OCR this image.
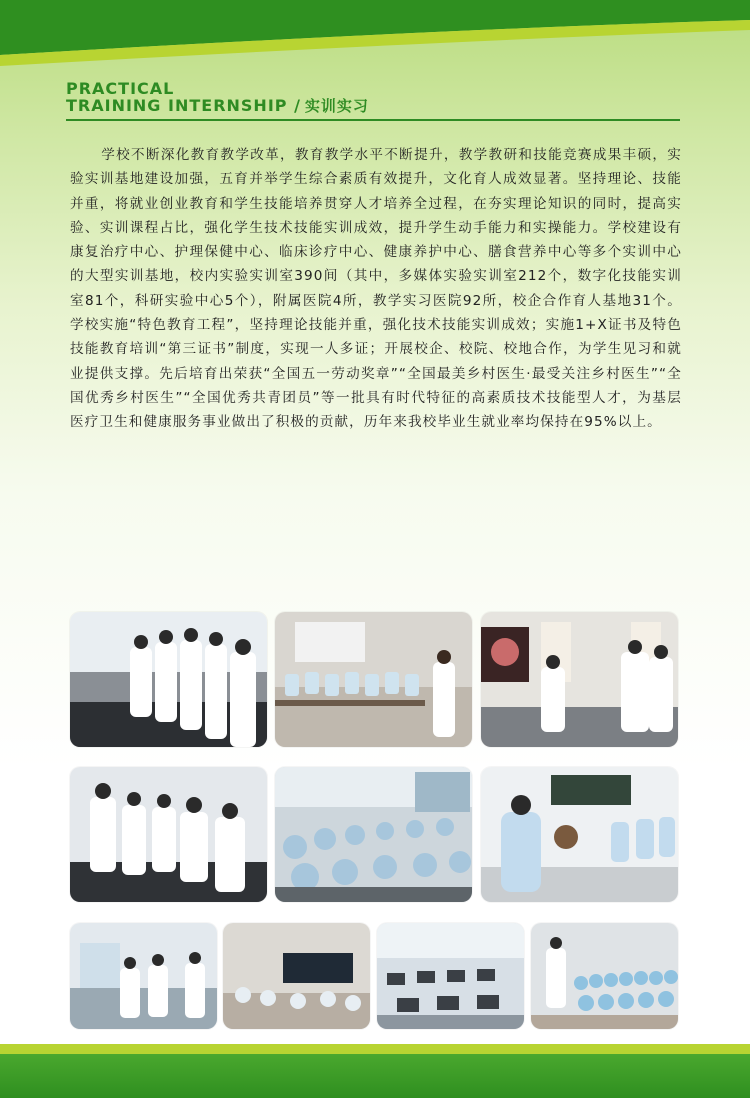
PRACTICAL
TRAINING INTERNSHIP / 实训实习
学校不断深化教育教学改革，教育教学水平不断提升，教学教研和技能竞赛成果丰硕，实验实训基地建设加强，五育并举学生综合素质有效提升，文化育人成效显著。坚持理论、技能并重，将就业创业教育和学生技能培养贯穿人才培养全过程，在夯实理论知识的同时，提高实验、实训课程占比，强化学生技术技能实训成效，提升学生动手能力和实操能力。学校建设有康复治疗中心、护理保健中心、临床诊疗中心、健康养护中心、膳食营养中心等多个实训中心的大型实训基地，校内实验实训室390间（其中，多媒体实验实训室212个，数字化技能实训室81个，科研实验中心5个），附属医院4所，教学实习医院92所，校企合作育人基地31个。学校实施“特色教育工程”，坚持理论技能并重，强化技术技能实训成效；实施1+X证书及特色技能教育培训“第三证书”制度，实现一人多证；开展校企、校院、校地合作，为学生见习和就业提供支撑。先后培育出荣获“全国五一劳动奖章”“全国最美乡村医生·最受关注乡村医生”“全国优秀乡村医生”“全国优秀共青团员”等一批具有时代特征的高素质技术技能型人才，为基层医疗卫生和健康服务事业做出了积极的贡献，历年来我校毕业生就业率均保持在95%以上。
